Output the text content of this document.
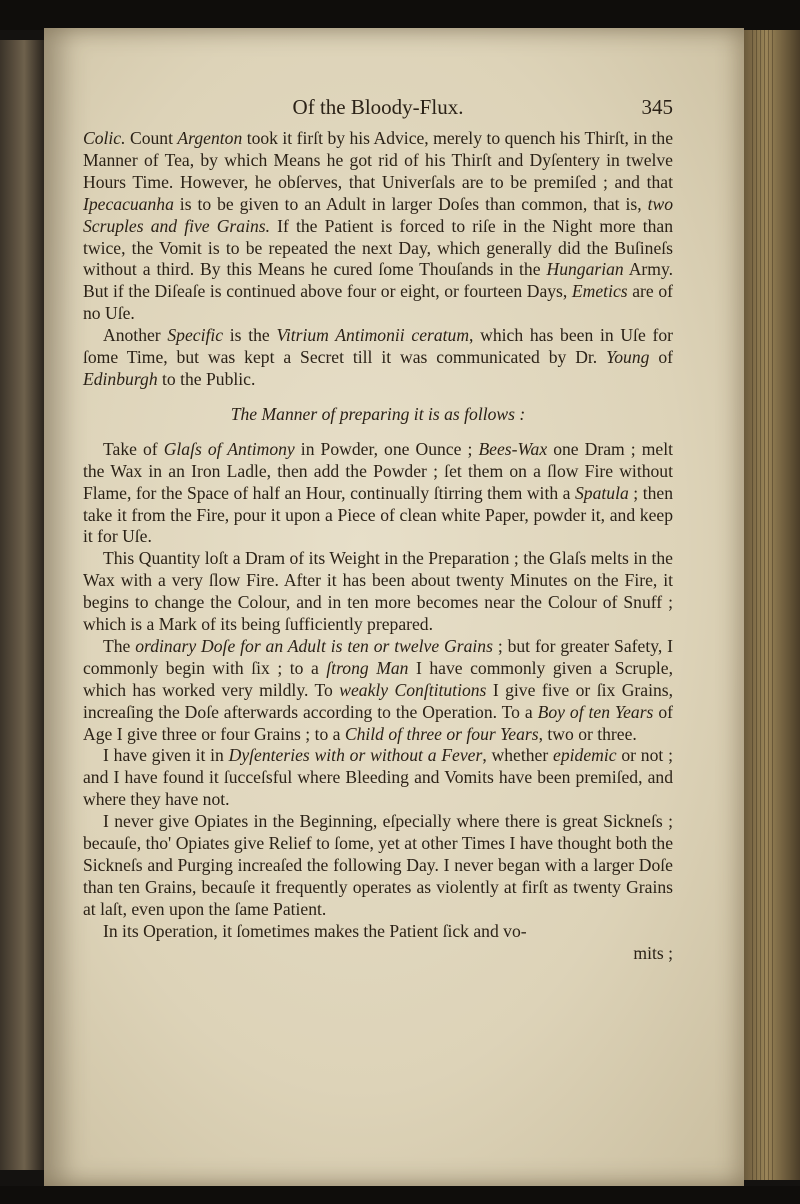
Of the Bloody-Flux.	345

Colic. Count Argenton took it firſt by his Advice, merely to quench his Thirſt, in the Manner of Tea, by which Means he got rid of his Thirſt and Dyſentery in twelve Hours Time. However, he obſerves, that Univerſals are to be premiſed ; and that Ipecacuanha is to be given to an Adult in larger Doſes than common, that is, two Scruples and five Grains. If the Patient is forced to riſe in the Night more than twice, the Vomit is to be repeated the next Day, which generally did the Buſineſs without a third. By this Means he cured ſome Thouſands in the Hungarian Army. But if the Diſeaſe is continued above four or eight, or fourteen Days, Emetics are of no Uſe.

Another Specific is the Vitrium Antimonii ceratum, which has been in Uſe for ſome Time, but was kept a Secret till it was communicated by Dr. Young of Edinburgh to the Public.

The Manner of preparing it is as follows :

Take of Glaſs of Antimony in Powder, one Ounce ; Bees-Wax one Dram ; melt the Wax in an Iron Ladle, then add the Powder ; ſet them on a ſlow Fire without Flame, for the Space of half an Hour, continually ſtirring them with a Spatula ; then take it from the Fire, pour it upon a Piece of clean white Paper, powder it, and keep it for Uſe.

This Quantity loſt a Dram of its Weight in the Preparation ; the Glaſs melts in the Wax with a very ſlow Fire. After it has been about twenty Minutes on the Fire, it begins to change the Colour, and in ten more becomes near the Colour of Snuff ; which is a Mark of its being ſufficiently prepared.

The ordinary Doſe for an Adult is ten or twelve Grains ; but for greater Safety, I commonly begin with ſix ; to a ſtrong Man I have commonly given a Scruple, which has worked very mildly. To weakly Conſtitutions I give five or ſix Grains, increaſing the Doſe afterwards according to the Operation. To a Boy of ten Years of Age I give three or four Grains ; to a Child of three or four Years, two or three.

I have given it in Dyſenteries with or without a Fever, whether epidemic or not ; and I have found it ſucceſsful where Bleeding and Vomits have been premiſed, and where they have not.

I never give Opiates in the Beginning, eſpecially where there is great Sickneſs ; becauſe, tho' Opiates give Relief to ſome, yet at other Times I have thought both the Sickneſs and Purging increaſed the following Day. I never began with a larger Doſe than ten Grains, becauſe it frequently operates as violently at firſt as twenty Grains at laſt, even upon the ſame Patient.

In its Operation, it ſometimes makes the Patient ſick and vo-

mits ;
